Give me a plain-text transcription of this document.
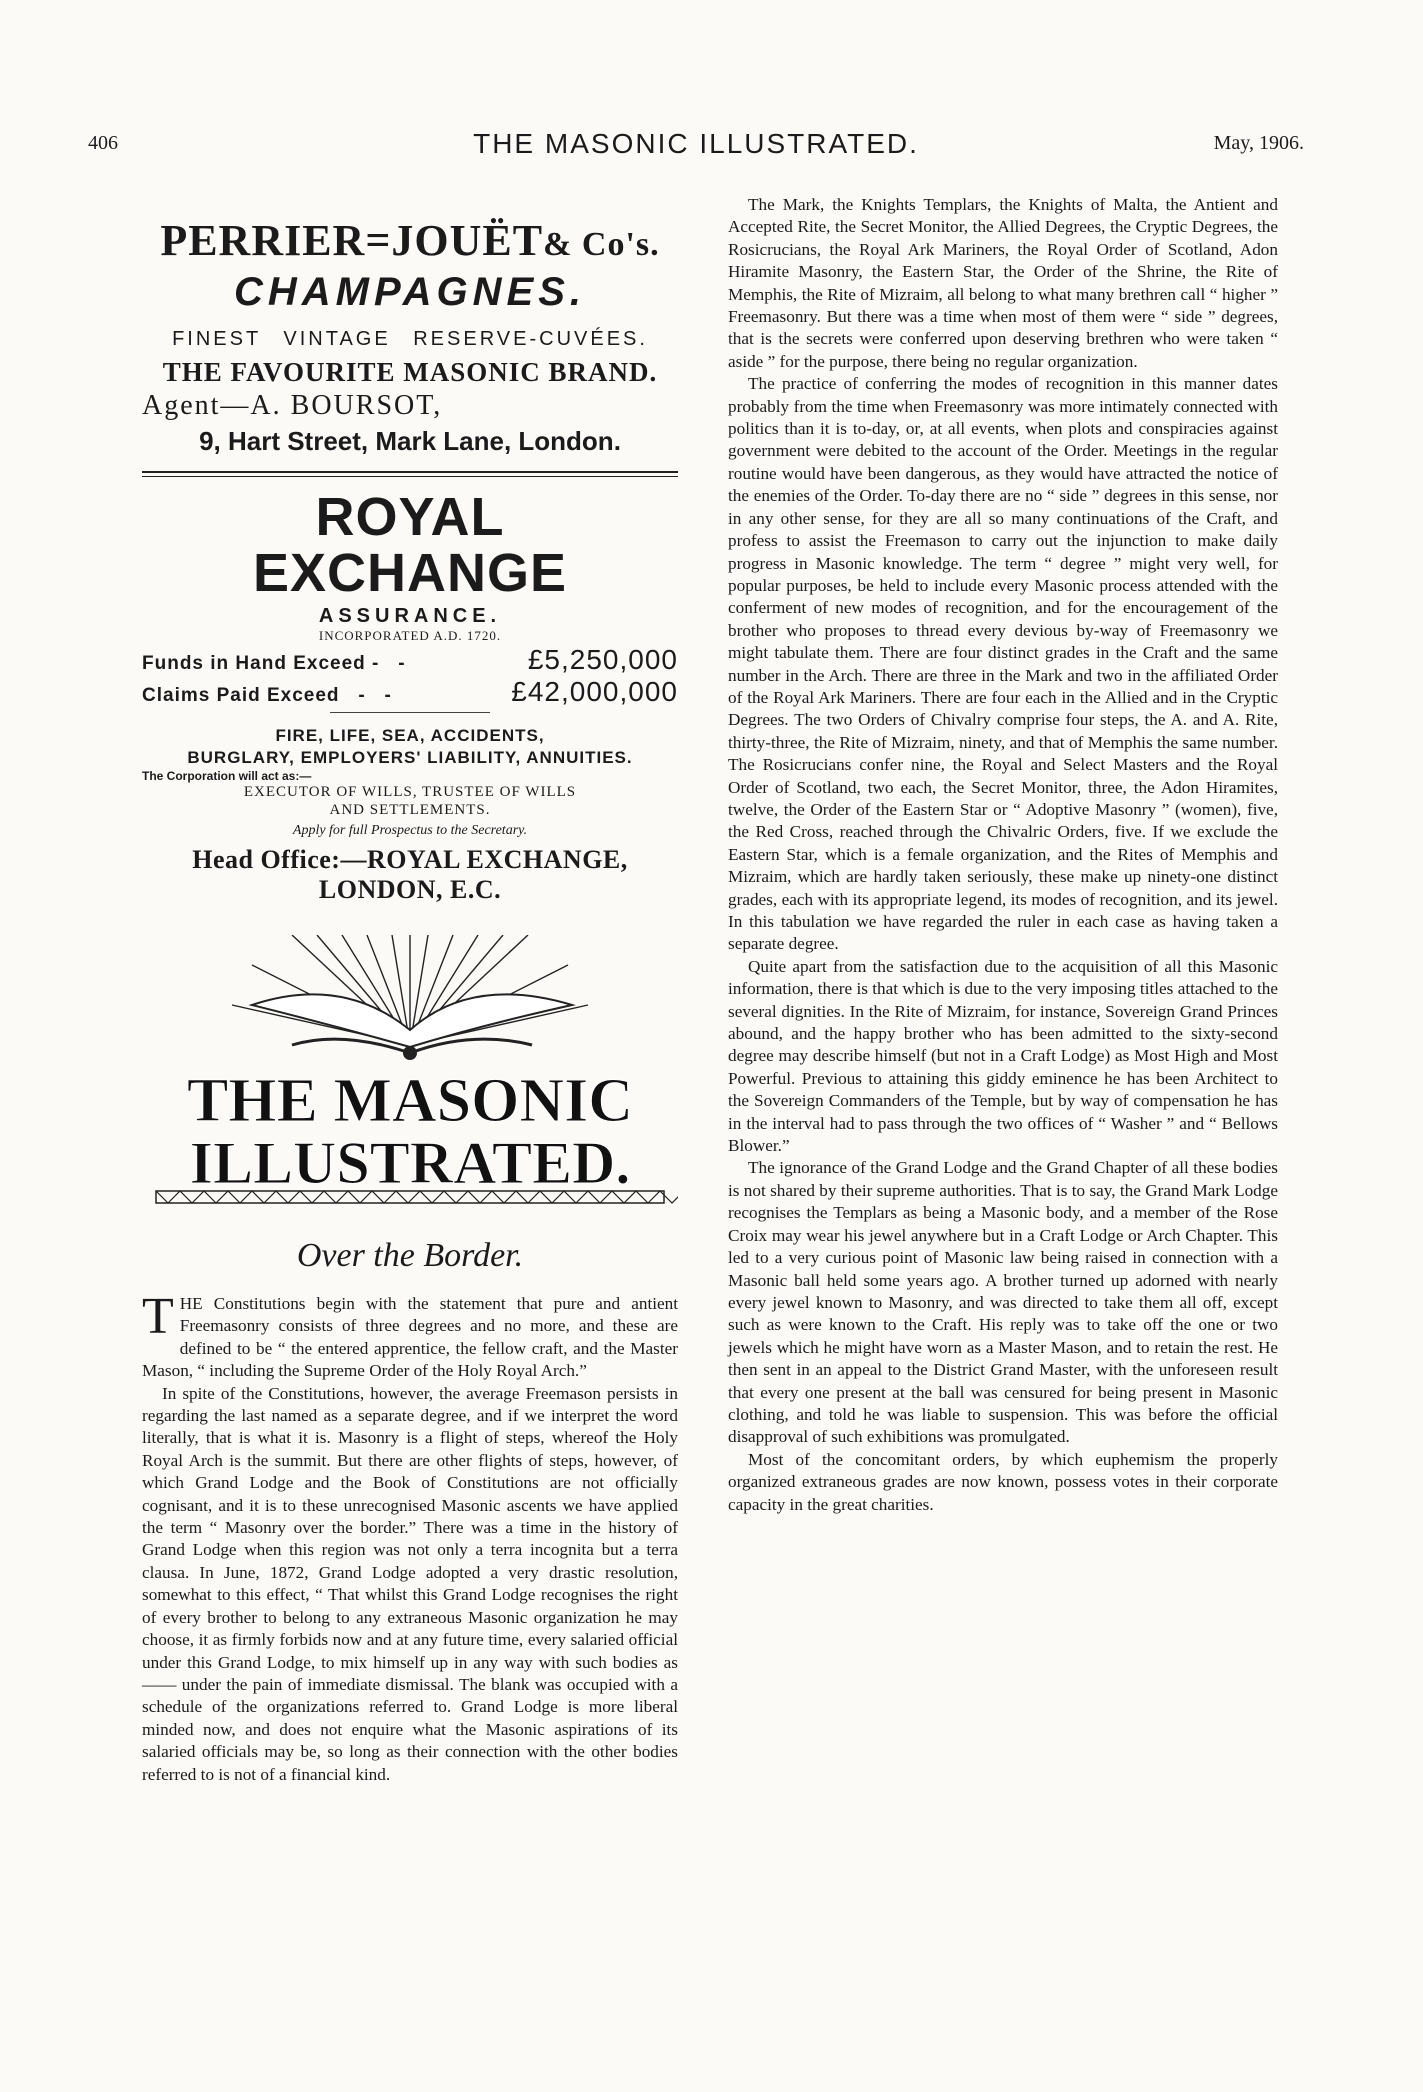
406	THE MASONIC ILLUSTRATED.	May, 1906.
PERRIER=JOUËT& Co's.
CHAMPAGNES.
FINEST VINTAGE RESERVE-CUVÉES.
THE FAVOURITE MASONIC BRAND.
Agent—A. BOURSOT,
9, Hart Street, Mark Lane, London.
ROYAL EXCHANGE
ASSURANCE.
INCORPORATED A.D. 1720.
Funds in Hand Exceed -   -	£5,250,000
Claims Paid Exceed   -   -	£42,000,000
FIRE, LIFE, SEA, ACCIDENTS,
BURGLARY, EMPLOYERS' LIABILITY, ANNUITIES.
The Corporation will act as:—
EXECUTOR OF WILLS, TRUSTEE OF WILLS
AND SETTLEMENTS.
Apply for full Prospectus to the Secretary.
Head Office:—ROYAL EXCHANGE, LONDON, E.C.
THE MASONIC
ILLUSTRATED.
Over the Border.

THE Constitutions begin with the statement that pure and antient Freemasonry consists of three degrees and no more, and these are defined to be “ the entered apprentice, the fellow craft, and the Master Mason, “ including the Supreme Order of the Holy Royal Arch.”

In spite of the Constitutions, however, the average Freemason persists in regarding the last named as a separate degree, and if we interpret the word literally, that is what it is. Masonry is a flight of steps, whereof the Holy Royal Arch is the summit. But there are other flights of steps, however, of which Grand Lodge and the Book of Constitutions are not officially cognisant, and it is to these unrecognised Masonic ascents we have applied the term “ Masonry over the border.” There was a time in the history of Grand Lodge when this region was not only a terra incognita but a terra clausa. In June, 1872, Grand Lodge adopted a very drastic resolution, somewhat to this effect, “ That whilst this Grand Lodge recognises the right of every brother to belong to any extraneous Masonic organization he may choose, it as firmly forbids now and at any future time, every salaried official under this Grand Lodge, to mix himself up in any way with such bodies as —— under the pain of immediate dismissal. The blank was occupied with a schedule of the organizations referred to. Grand Lodge is more liberal minded now, and does not enquire what the Masonic aspirations of its salaried officials may be, so long as their connection with the other bodies referred to is not of a financial kind.

The Mark, the Knights Templars, the Knights of Malta, the Antient and Accepted Rite, the Secret Monitor, the Allied Degrees, the Cryptic Degrees, the Rosicrucians, the Royal Ark Mariners, the Royal Order of Scotland, Adon Hiramite Masonry, the Eastern Star, the Order of the Shrine, the Rite of Memphis, the Rite of Mizraim, all belong to what many brethren call “ higher ” Freemasonry. But there was a time when most of them were “ side ” degrees, that is the secrets were conferred upon deserving brethren who were taken “ aside ” for the purpose, there being no regular organization.

The practice of conferring the modes of recognition in this manner dates probably from the time when Freemasonry was more intimately connected with politics than it is to-day, or, at all events, when plots and conspiracies against government were debited to the account of the Order. Meetings in the regular routine would have been dangerous, as they would have attracted the notice of the enemies of the Order. To-day there are no “ side ” degrees in this sense, nor in any other sense, for they are all so many continuations of the Craft, and profess to assist the Freemason to carry out the injunction to make daily progress in Masonic knowledge. The term “ degree ” might very well, for popular purposes, be held to include every Masonic process attended with the conferment of new modes of recognition, and for the encouragement of the brother who proposes to thread every devious by-way of Freemasonry we might tabulate them. There are four distinct grades in the Craft and the same number in the Arch. There are three in the Mark and two in the affiliated Order of the Royal Ark Mariners. There are four each in the Allied and in the Cryptic Degrees. The two Orders of Chivalry comprise four steps, the A. and A. Rite, thirty-three, the Rite of Mizraim, ninety, and that of Memphis the same number. The Rosicrucians confer nine, the Royal and Select Masters and the Royal Order of Scotland, two each, the Secret Monitor, three, the Adon Hiramites, twelve, the Order of the Eastern Star or “ Adoptive Masonry ” (women), five, the Red Cross, reached through the Chivalric Orders, five. If we exclude the Eastern Star, which is a female organization, and the Rites of Memphis and Mizraim, which are hardly taken seriously, these make up ninety-one distinct grades, each with its appropriate legend, its modes of recognition, and its jewel. In this tabulation we have regarded the ruler in each case as having taken a separate degree.

Quite apart from the satisfaction due to the acquisition of all this Masonic information, there is that which is due to the very imposing titles attached to the several dignities. In the Rite of Mizraim, for instance, Sovereign Grand Princes abound, and the happy brother who has been admitted to the sixty-second degree may describe himself (but not in a Craft Lodge) as Most High and Most Powerful. Previous to attaining this giddy eminence he has been Architect to the Sovereign Commanders of the Temple, but by way of compensation he has in the interval had to pass through the two offices of “ Washer ” and “ Bellows Blower.”

The ignorance of the Grand Lodge and the Grand Chapter of all these bodies is not shared by their supreme authorities. That is to say, the Grand Mark Lodge recognises the Templars as being a Masonic body, and a member of the Rose Croix may wear his jewel anywhere but in a Craft Lodge or Arch Chapter. This led to a very curious point of Masonic law being raised in connection with a Masonic ball held some years ago. A brother turned up adorned with nearly every jewel known to Masonry, and was directed to take them all off, except such as were known to the Craft. His reply was to take off the one or two jewels which he might have worn as a Master Mason, and to retain the rest. He then sent in an appeal to the District Grand Master, with the unforeseen result that every one present at the ball was censured for being present in Masonic clothing, and told he was liable to suspension. This was before the official disapproval of such exhibitions was promulgated.

Most of the concomitant orders, by which euphemism the properly organized extraneous grades are now known, possess votes in their corporate capacity in the great charities.
